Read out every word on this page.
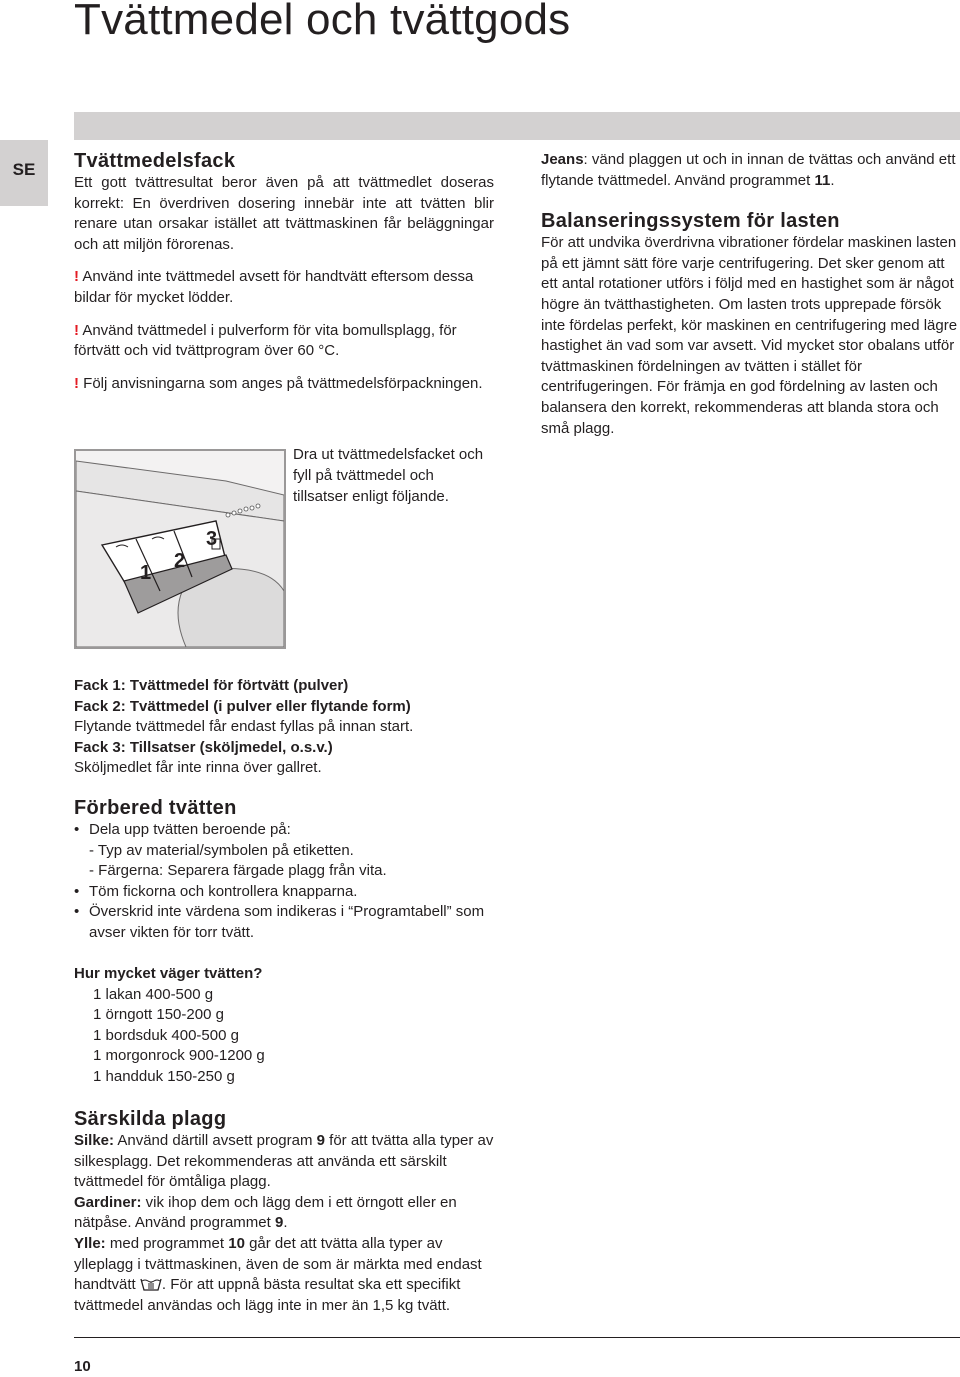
Tvättmedel och tvättgods
SE	Tvättmedelsfack

Ett gott tvättresultat beror även på att tvättmedlet doseras korrekt: En överdriven dosering innebär inte att tvätten blir renare utan orsakar istället att tvättmaskinen får beläggningar och att miljön förorenas.

! Använd inte tvättmedel avsett för handtvätt eftersom dessa bildar för mycket lödder.

! Använd tvättmedel i pulverform för vita bomullsplagg, för förtvätt och vid tvättprogram över 60 °C.

! Följ anvisningarna som anges på tvättmedelsförpackningen.

1
2
3
Dra ut tvättmedelsfacket och fyll på tvättmedel och tillsatser enligt följande.

Fack 1: Tvättmedel för förtvätt (pulver)

Fack 2: Tvättmedel (i pulver eller flytande form)

Flytande tvättmedel får endast fyllas på innan start.

Fack 3: Tillsatser (sköljmedel, o.s.v.)

Sköljmedlet får inte rinna över gallret.

Förbered tvätten
• Dela upp tvätten beroende på:
- Typ av material/symbolen på etiketten.
- Färgerna: Separera färgade plagg från vita.
• Töm fickorna och kontrollera knapparna.
• Överskrid inte värdena som indikeras i “Programtabell” som avser vikten för torr tvätt.

Hur mycket väger tvätten?

1 lakan 400-500 g
1 örngott 150-200 g
1 bordsduk 400-500 g
1 morgonrock 900-1200 g
1 handduk 150-250 g
Särskilda plagg

Silke: Använd därtill avsett program 9 för att tvätta alla typer av silkesplagg. Det rekommenderas att använda ett särskilt tvättmedel för ömtåliga plagg.

Gardiner: vik ihop dem och lägg dem i ett örngott eller en nätpåse. Använd programmet 9.

Ylle: med programmet 10 går det att tvätta alla typer av ylleplagg i tvättmaskinen, även de som är märkta med endast handtvätt . För att uppnå bästa resultat ska ett specifikt tvättmedel användas och lägg inte in mer än 1,5 kg tvätt.

Jeans: vänd plaggen ut och in innan de tvättas och använd ett flytande tvättmedel. Använd programmet 11.

Balanseringssystem för lasten

För att undvika överdrivna vibrationer fördelar maskinen lasten på ett jämnt sätt före varje centrifugering. Det sker genom att ett antal rotationer utförs i följd med en hastighet som är något högre än tvätthastigheten. Om lasten trots upprepade försök inte fördelas perfekt, kör maskinen en centrifugering med lägre hastighet än vad som var avsett. Vid mycket stor obalans utför tvättmaskinen fördelningen av tvätten i stället för centrifugeringen. För främja en god fördelning av lasten och balansera den korrekt, rekommenderas att blanda stora och små plagg.

10
